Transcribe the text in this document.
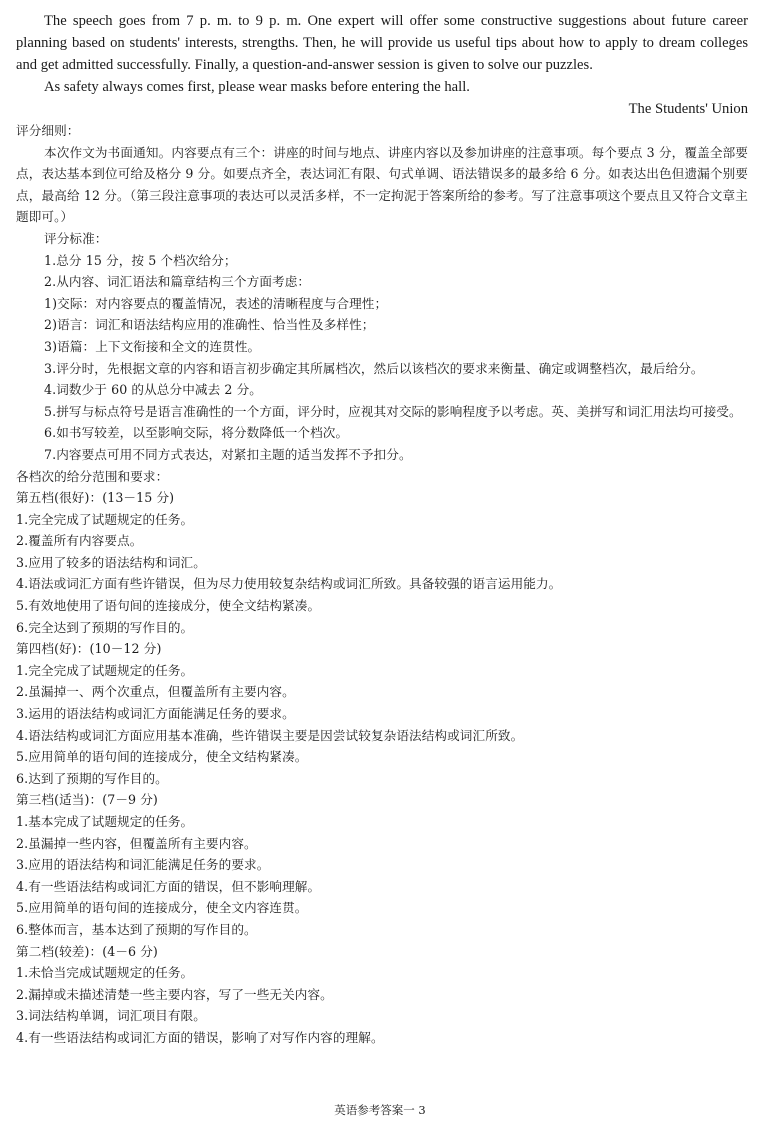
The speech goes from 7 p. m. to 9 p. m. One expert will offer some constructive suggestions about future career planning based on students' interests, strengths. Then, he will provide us useful tips about how to apply to dream colleges and get admitted successfully. Finally, a question-and-answer session is given to solve our puzzles.

As safety always comes first, please wear masks before entering the hall.

The Students' Union

评分细则：

本次作文为书面通知。内容要点有三个：讲座的时间与地点、讲座内容以及参加讲座的注意事项。每个要点 3 分，覆盖全部要点，表达基本到位可给及格分 9 分。如要点齐全，表达词汇有限、句式单调、语法错误多的最多给 6 分。如表达出色但遗漏个别要点，最高给 12 分。（第三段注意事项的表达可以灵活多样，不一定拘泥于答案所给的参考。写了注意事项这个要点且又符合文章主题即可。）

评分标准：

1.总分 15 分，按 5 个档次给分；

2.从内容、词汇语法和篇章结构三个方面考虑：

1)交际：对内容要点的覆盖情况，表述的清晰程度与合理性；

2)语言：词汇和语法结构应用的准确性、恰当性及多样性；

3)语篇：上下文衔接和全文的连贯性。

3.评分时，先根据文章的内容和语言初步确定其所属档次，然后以该档次的要求来衡量、确定或调整档次，最后给分。

4.词数少于 60 的从总分中减去 2 分。

5.拼写与标点符号是语言准确性的一个方面，评分时，应视其对交际的影响程度予以考虑。英、美拼写和词汇用法均可接受。

6.如书写较差，以至影响交际，将分数降低一个档次。

7.内容要点可用不同方式表达，对紧扣主题的适当发挥不予扣分。

各档次的给分范围和要求：

第五档(很好)：(13－15 分)

1.完全完成了试题规定的任务。

2.覆盖所有内容要点。

3.应用了较多的语法结构和词汇。

4.语法或词汇方面有些许错误，但为尽力使用较复杂结构或词汇所致。具备较强的语言运用能力。

5.有效地使用了语句间的连接成分，使全文结构紧凑。

6.完全达到了预期的写作目的。

第四档(好)：(10－12 分)

1.完全完成了试题规定的任务。

2.虽漏掉一、两个次重点，但覆盖所有主要内容。

3.运用的语法结构或词汇方面能满足任务的要求。

4.语法结构或词汇方面应用基本准确，些许错误主要是因尝试较复杂语法结构或词汇所致。

5.应用简单的语句间的连接成分，使全文结构紧凑。

6.达到了预期的写作目的。

第三档(适当)：(7－9 分)

1.基本完成了试题规定的任务。

2.虽漏掉一些内容，但覆盖所有主要内容。

3.应用的语法结构和词汇能满足任务的要求。

4.有一些语法结构或词汇方面的错误，但不影响理解。

5.应用简单的语句间的连接成分，使全文内容连贯。

6.整体而言，基本达到了预期的写作目的。

第二档(较差)：(4－6 分)

1.未恰当完成试题规定的任务。

2.漏掉或未描述清楚一些主要内容，写了一些无关内容。

3.词法结构单调，词汇项目有限。

4.有一些语法结构或词汇方面的错误，影响了对写作内容的理解。

英语参考答案一 3
